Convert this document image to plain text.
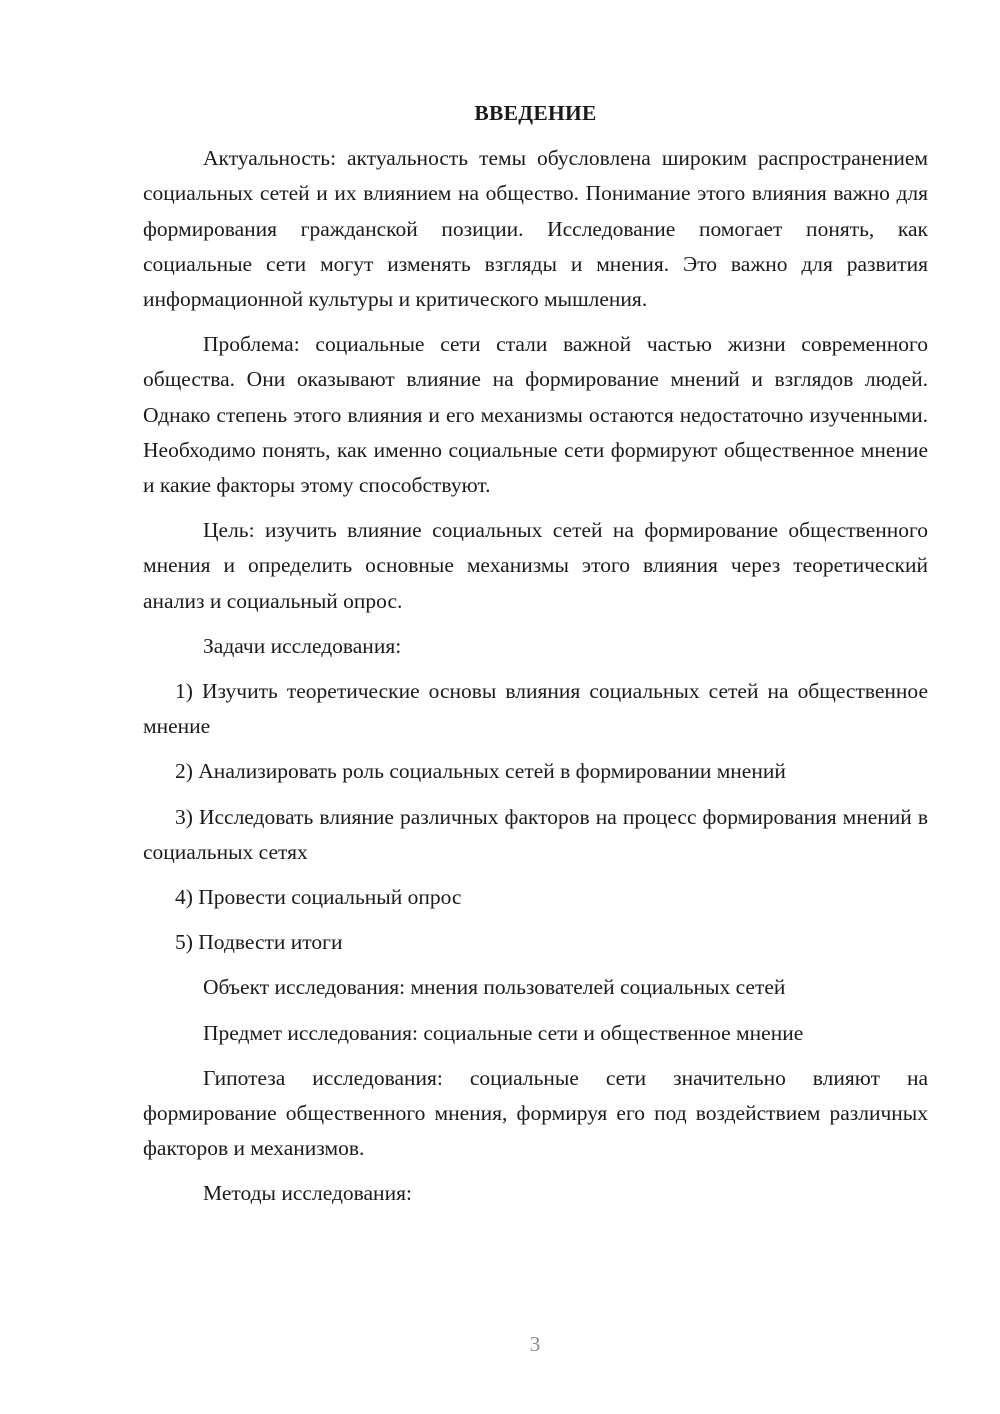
ВВЕДЕНИЕ

Актуальность: актуальность темы обусловлена широким распространением социальных сетей и их влиянием на общество. Понимание этого влияния важно для формирования гражданской позиции. Исследование помогает понять, как социальные сети могут изменять взгляды и мнения. Это важно для развития информационной культуры и критического мышления.

Проблема: социальные сети стали важной частью жизни современного общества. Они оказывают влияние на формирование мнений и взглядов людей. Однако степень этого влияния и его механизмы остаются недостаточно изученными. Необходимо понять, как именно социальные сети формируют общественное мнение и какие факторы этому способствуют.

Цель: изучить влияние социальных сетей на формирование общественного мнения и определить основные механизмы этого влияния через теоретический анализ и социальный опрос.

Задачи исследования:

1) Изучить теоретические основы влияния социальных сетей на общественное мнение

2) Анализировать роль социальных сетей в формировании мнений

3) Исследовать влияние различных факторов на процесс формирования мнений в социальных сетях

4) Провести социальный опрос

5) Подвести итоги

Объект исследования: мнения пользователей социальных сетей

Предмет исследования: социальные сети и общественное мнение

Гипотеза исследования: социальные сети значительно влияют на формирование общественного мнения, формируя его под воздействием различных факторов и механизмов.

Методы исследования:

3
